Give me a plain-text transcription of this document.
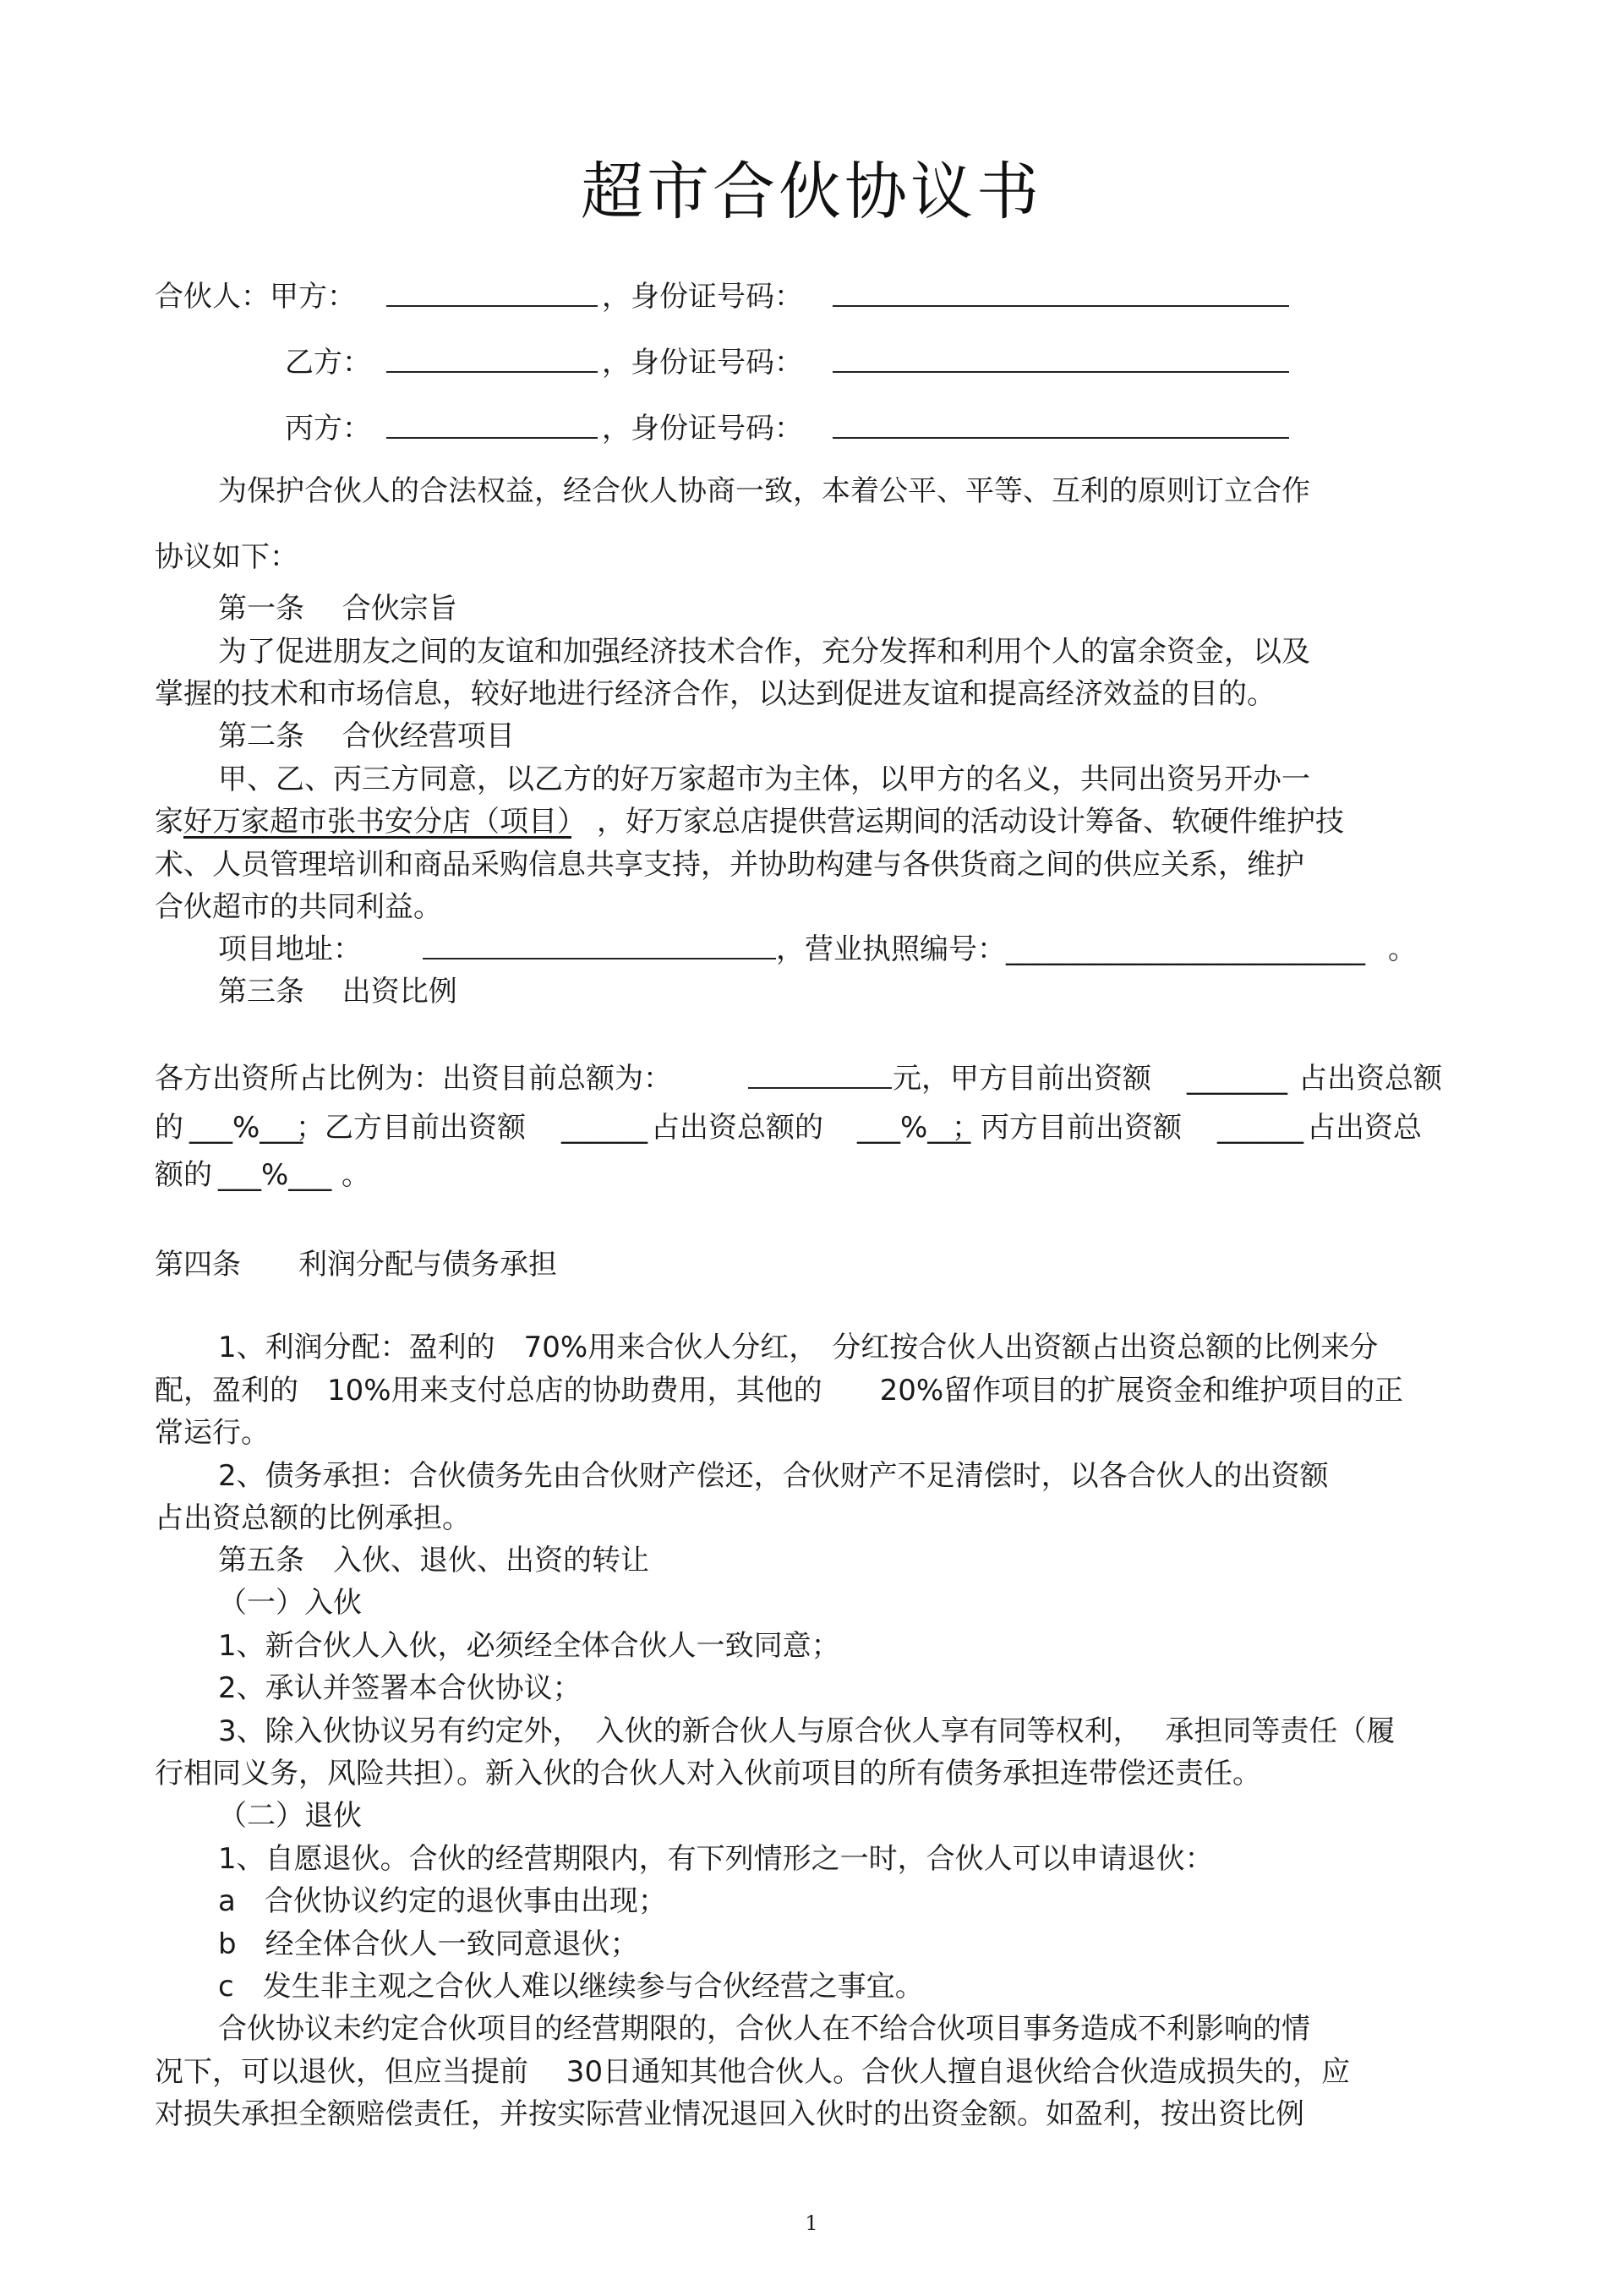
超市合伙协议书
合伙人：甲方：	，身份证号码：
乙方：	，身份证号码：
丙方：	，身份证号码：
为保护合伙人的合法权益，经合伙人协商一致，本着公平、平等、互利的原则订立合作
协议如下：
第一条　 合伙宗旨
为了促进朋友之间的友谊和加强经济技术合作，充分发挥和利用个人的富余资金，以及
掌握的技术和市场信息，较好地进行经济合作，以达到促进友谊和提高经济效益的目的。
第二条　 合伙经营项目
甲、乙、丙三方同意，以乙方的好万家超市为主体，以甲方的名义，共同出资另开办一
家好万家超市张书安分店（项目） ，好万家总店提供营运期间的活动设计筹备、软硬件维护技
术、人员管理培训和商品采购信息共享支持，并协助构建与各供货商之间的供应关系，维护
合伙超市的共同利益。
项目地址：	，营业执照编号： _________________________ 。
第三条　 出资比例
各方出资所占比例为：出资目前总额为：	元，甲方目前出资额 _______ 占出资总额
的 ___%___
；乙方目前出资额 ______ 占出资总额的 ___%___
；丙方目前出资额 ______ 占出资总
额的 ___%___ 。
第四条　　利润分配与债务承担
1、利润分配：盈利的　70%用来合伙人分红，　分红按合伙人出资额占出资总额的比例来分
配，盈利的　10%用来支付总店的协助费用，其他的　　20%留作项目的扩展资金和维护项目的正
常运行。
2、债务承担：合伙债务先由合伙财产偿还，合伙财产不足清偿时，以各合伙人的出资额
占出资总额的比例承担。
第五条　入伙、退伙、出资的转让
（一）入伙
1、新合伙人入伙，必须经全体合伙人一致同意；
2、承认并签署本合伙协议；
3、除入伙协议另有约定外，　入伙的新合伙人与原合伙人享有同等权利，　 承担同等责任（履
行相同义务，风险共担）。新入伙的合伙人对入伙前项目的所有债务承担连带偿还责任。
（二）退伙
1、自愿退伙。合伙的经营期限内，有下列情形之一时，合伙人可以申请退伙：
a　合伙协议约定的退伙事由出现；
b　经全体合伙人一致同意退伙；
c　发生非主观之合伙人难以继续参与合伙经营之事宜。
合伙协议未约定合伙项目的经营期限的，合伙人在不给合伙项目事务造成不利影响的情
况下，可以退伙，但应当提前　 30日通知其他合伙人。合伙人擅自退伙给合伙造成损失的，应
对损失承担全额赔偿责任，并按实际营业情况退回入伙时的出资金额。如盈利，按出资比例
1
